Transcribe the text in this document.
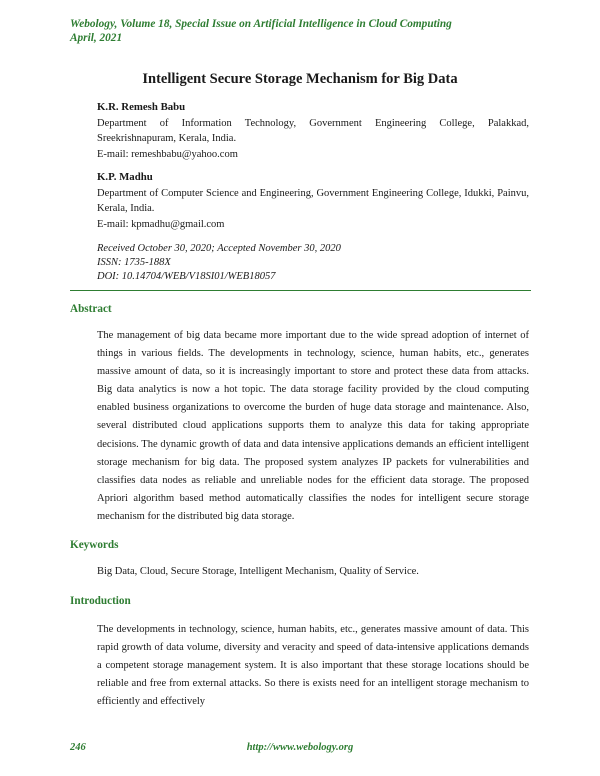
Webology, Volume 18, Special Issue on Artificial Intelligence in Cloud Computing
April, 2021
Intelligent Secure Storage Mechanism for Big Data
K.R. Remesh Babu
Department of Information Technology, Government Engineering College, Palakkad, Sreekrishnapuram, Kerala, India.
E-mail: remeshbabu@yahoo.com
K.P. Madhu
Department of Computer Science and Engineering, Government Engineering College, Idukki, Painvu, Kerala, India.
E-mail: kpmadhu@gmail.com
Received October 30, 2020; Accepted November 30, 2020
ISSN: 1735-188X
DOI: 10.14704/WEB/V18SI01/WEB18057
Abstract
The management of big data became more important due to the wide spread adoption of internet of things in various fields. The developments in technology, science, human habits, etc., generates massive amount of data, so it is increasingly important to store and protect these data from attacks. Big data analytics is now a hot topic. The data storage facility provided by the cloud computing enabled business organizations to overcome the burden of huge data storage and maintenance. Also, several distributed cloud applications supports them to analyze this data for taking appropriate decisions. The dynamic growth of data and data intensive applications demands an efficient intelligent storage mechanism for big data. The proposed system analyzes IP packets for vulnerabilities and classifies data nodes as reliable and unreliable nodes for the efficient data storage. The proposed Apriori algorithm based method automatically classifies the nodes for intelligent secure storage mechanism for the distributed big data storage.
Keywords
Big Data, Cloud, Secure Storage, Intelligent Mechanism, Quality of Service.
Introduction
The developments in technology, science, human habits, etc., generates massive amount of data. This rapid growth of data volume, diversity and veracity and speed of data-intensive applications demands a competent storage management system. It is also important that these storage locations should be reliable and free from external attacks. So there is exists need for an intelligent storage mechanism to efficiently and effectively
246	http://www.webology.org
